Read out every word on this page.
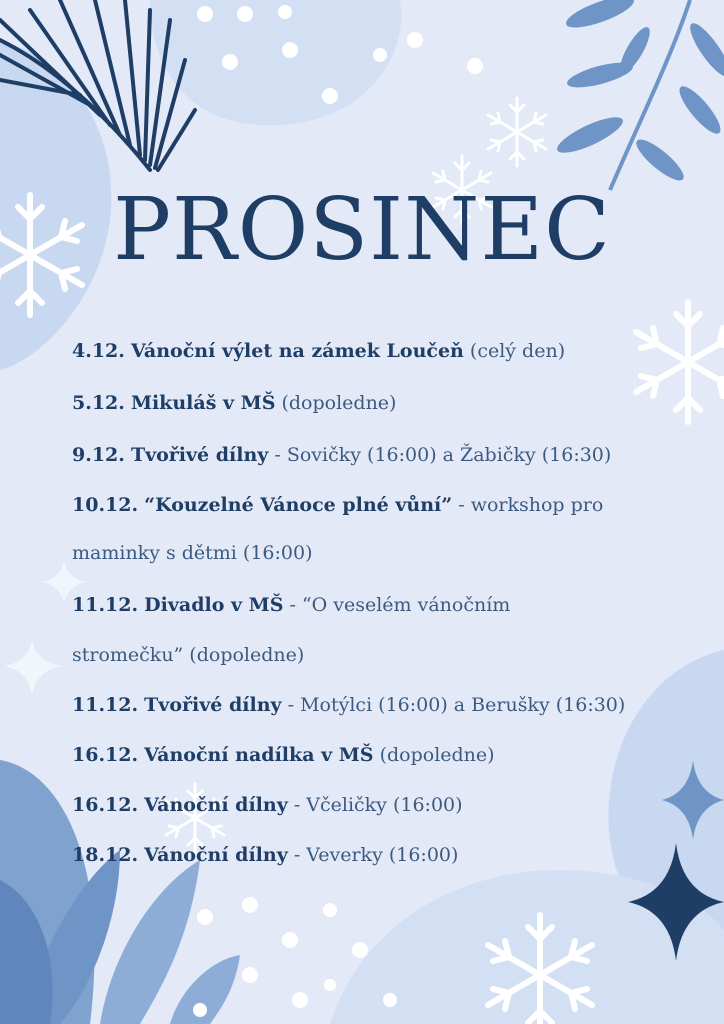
PROSINEC
4.12. Vánoční výlet na zámek Loučeň (celý den)
5.12. Mikuláš v MŠ (dopoledne)
9.12. Tvořivé dílny - Sovičky (16:00) a Žabičky (16:30)
10.12. “Kouzelné Vánoce plné vůní” - workshop pro
maminky s dětmi (16:00)
11.12. Divadlo v MŠ - “O veselém vánočním
stromečku” (dopoledne)
11.12. Tvořivé dílny - Motýlci (16:00) a Berušky (16:30)
16.12. Vánoční nadílka v MŠ (dopoledne)
16.12. Vánoční dílny - Včeličky (16:00)
18.12. Vánoční dílny - Veverky (16:00)
